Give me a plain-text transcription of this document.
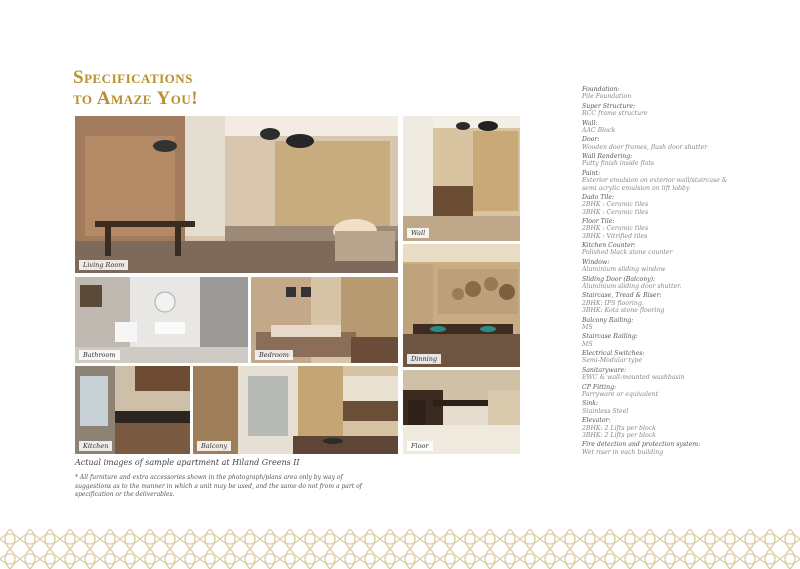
Specifications
to Amaze You!
Living Room
Wall
Bathroom	Bedroom	Dinning
Kitchen	Balcony	Floor
Actual images of sample apartment at Hiland Greens II
* All furniture and extra accessories shown in the photograph/plans area only by way of suggestions as to the manner in which a unit may be used, and the same do not from a part of specification or the deliverables.
Foundation:
Pile Foundation
Super Structure:
RCC frame structure
Wall:
AAC Block
Door:
Wooden door frames, flush door shutter
Wall Rendering:
Putty finish inside flats
Paint:
Exterior emulsion on exterior wall/staircase &
semi acrylic emulsion on lift lobby
Dado Tile:
2BHK : Ceramic tiles
3BHK : Ceramic tiles
Floor Tile:
2BHK : Ceramic tiles
3BHK : Vitrified tiles
Kitchen Counter:
Polished black stone counter
Window:
Aluminium sliding window
Sliding Door (Balcony):
Aluminium sliding door shutter.
Staircase, Tread & Riser:
2BHK: IPS flooring.
3BHK: Kota stone flooring
Balcony Railing:
MS
Staircase Railing:
MS
Electrical Switches:
Semi-Modular type
Sanitaryware:
EWC & wall-mounted washbasin
CP Fitting:
Parryware or equivalent
Sink:
Stainless Steel
Elevator:
2BHK: 2 Lifts per block
3BHK: 2 Lifts per block
Fire detection and protection system:
Wet riser in each building
